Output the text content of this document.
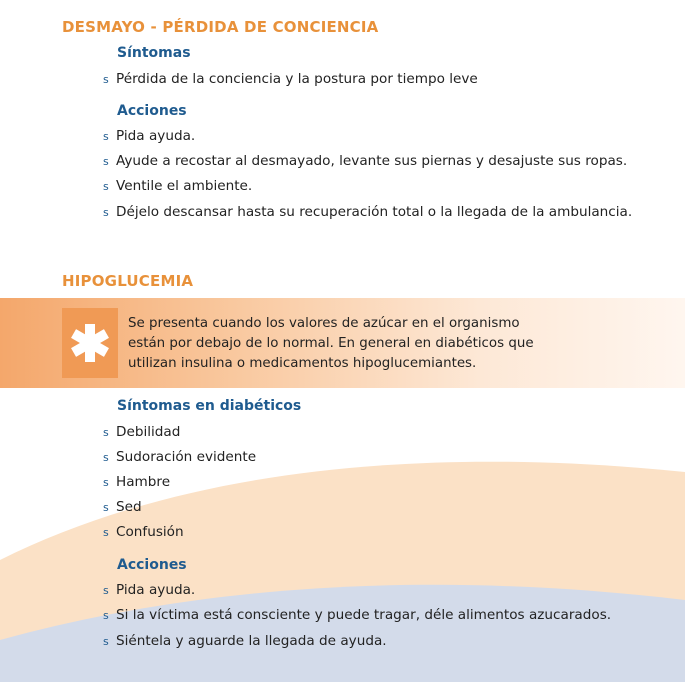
DESMAYO - PÉRDIDA DE CONCIENCIA
Síntomas
s Pérdida de la conciencia y la postura por tiempo leve
Acciones
s Pida ayuda.
s Ayude a recostar al desmayado, levante sus piernas y desajuste sus ropas.
s Ventile el ambiente.
s Déjelo descansar hasta su recuperación total o la llegada de la ambulancia.
HIPOGLUCEMIA
Se presenta cuando los valores de azúcar en el organismo
están por debajo de lo normal. En general en diabéticos que
utilizan insulina o medicamentos hipoglucemiantes.
Síntomas en diabéticos
s Debilidad
s Sudoración evidente
s Hambre
s Sed
s Confusión
Acciones
s Pida ayuda.
s Si la víctima está consciente y puede tragar, déle alimentos azucarados.
s Siéntela y aguarde la llegada de ayuda.
